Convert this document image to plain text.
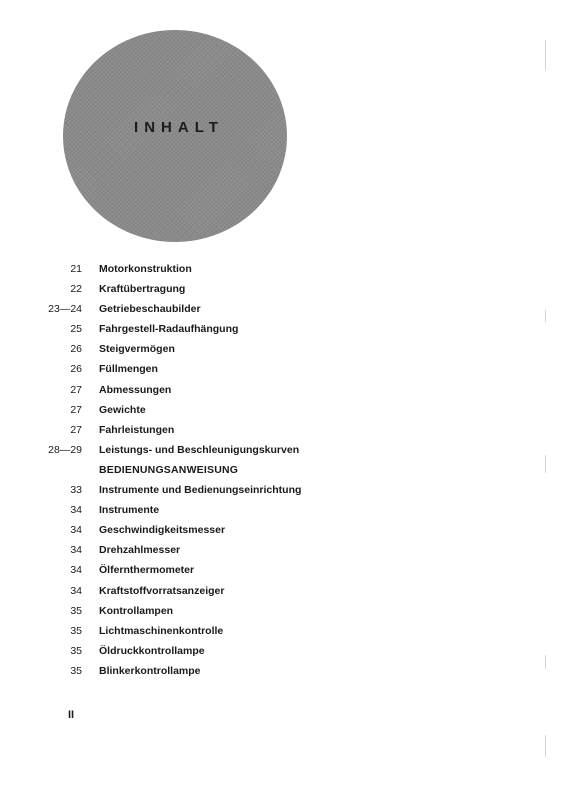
INHALT
21 Motorkonstruktion
22 Kraftübertragung
23—24 Getriebeschaubilder
25 Fahrgestell-Radaufhängung
26 Steigvermögen
26 Füllmengen
27 Abmessungen
27 Gewichte
27 Fahrleistungen
28—29 Leistungs- und Beschleunigungskurven
BEDIENUNGSANWEISUNG
33 Instrumente und Bedienungseinrichtung
34 Instrumente
34 Geschwindigkeitsmesser
34 Drehzahlmesser
34 Ölfernthermometer
34 Kraftstoffvorratsanzeiger
35 Kontrollampen
35 Lichtmaschinenkontrolle
35 Öldruckkontrollampe
35 Blinkerkontrollampe
II
